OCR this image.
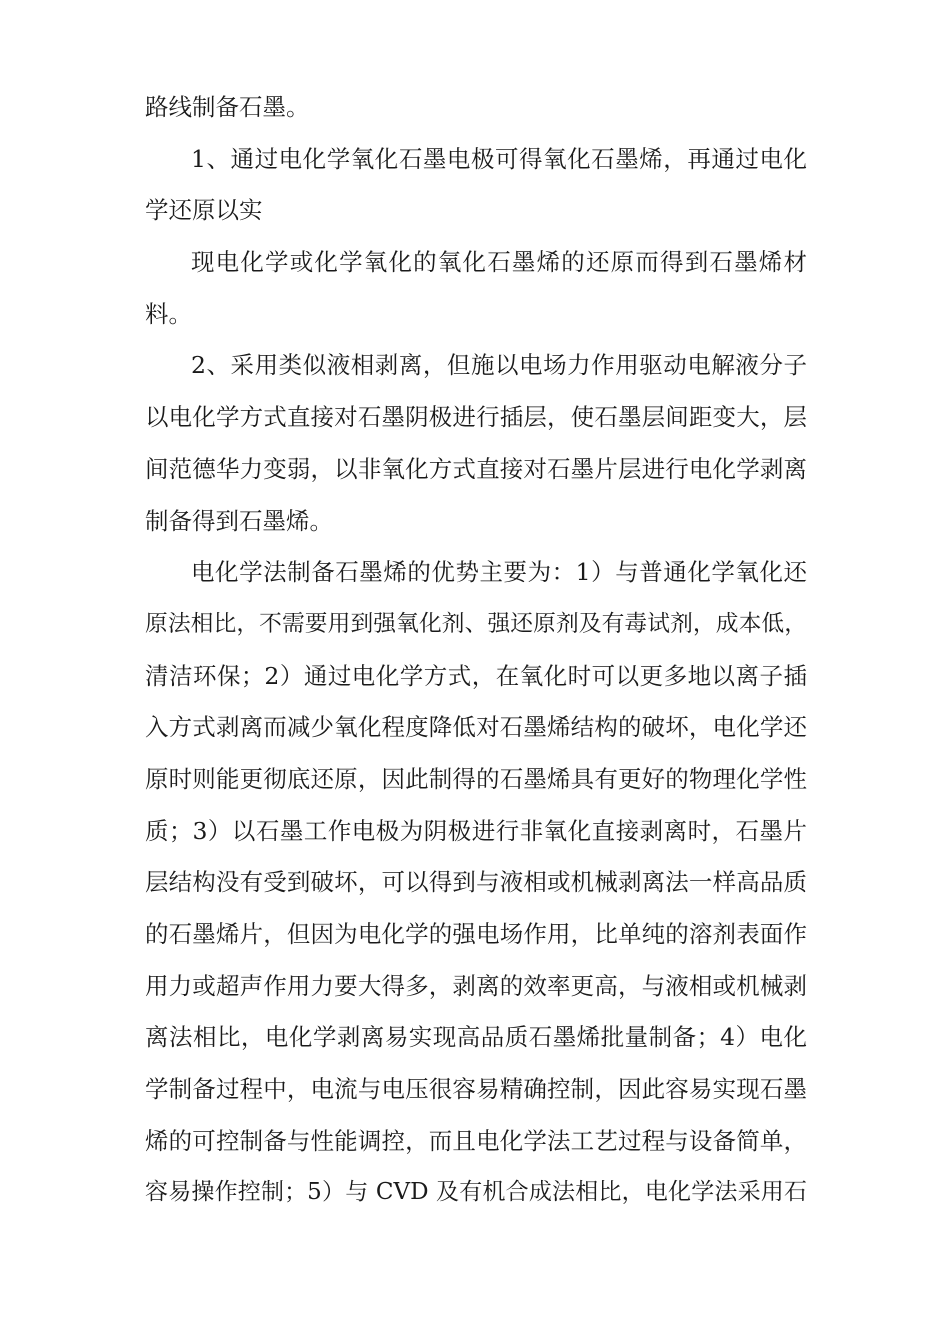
路线制备石墨。
1、通过电化学氧化石墨电极可得氧化石墨烯，再通过电化
学还原以实
现电化学或化学氧化的氧化石墨烯的还原而得到石墨烯材
料。
2、采用类似液相剥离，但施以电场力作用驱动电解液分子
以电化学方式直接对石墨阴极进行插层，使石墨层间距变大，层
间范德华力变弱，以非氧化方式直接对石墨片层进行电化学剥离
制备得到石墨烯。
电化学法制备石墨烯的优势主要为：1）与普通化学氧化还
原法相比，不需要用到强氧化剂、强还原剂及有毒试剂，成本低，
清洁环保；2）通过电化学方式，在氧化时可以更多地以离子插
入方式剥离而减少氧化程度降低对石墨烯结构的破坏，电化学还
原时则能更彻底还原，因此制得的石墨烯具有更好的物理化学性
质；3）以石墨工作电极为阴极进行非氧化直接剥离时，石墨片
层结构没有受到破坏，可以得到与液相或机械剥离法一样高品质
的石墨烯片，但因为电化学的强电场作用，比单纯的溶剂表面作
用力或超声作用力要大得多，剥离的效率更高，与液相或机械剥
离法相比，电化学剥离易实现高品质石墨烯批量制备；4）电化
学制备过程中，电流与电压很容易精确控制，因此容易实现石墨
烯的可控制备与性能调控，而且电化学法工艺过程与设备简单，
容易操作控制；5）与 CVD 及有机合成法相比，电化学法采用石
